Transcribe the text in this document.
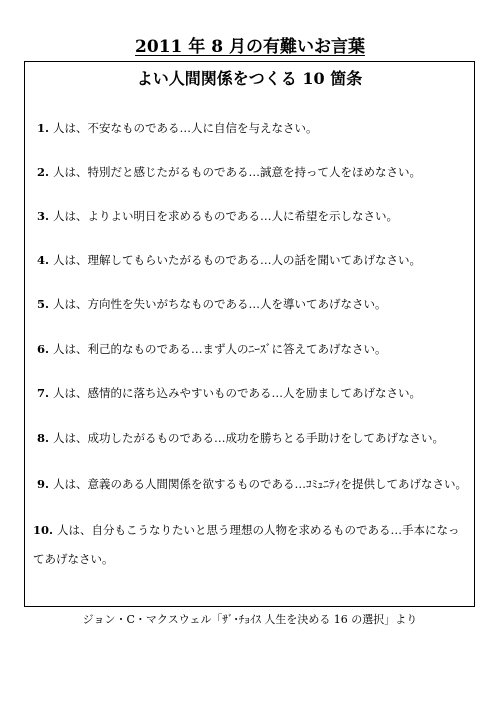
2011 年 8 月の有難いお言葉
よい人間関係をつくる 10 箇条
1. 人は、不安なものである…人に自信を与えなさい。
2. 人は、特別だと感じたがるものである…誠意を持って人をほめなさい。
3. 人は、よりよい明日を求めるものである…人に希望を示しなさい。
4. 人は、理解してもらいたがるものである…人の話を聞いてあげなさい。
5. 人は、方向性を失いがちなものである…人を導いてあげなさい。
6. 人は、利己的なものである…まず人のﾆｰｽﾞに答えてあげなさい。
7. 人は、感情的に落ち込みやすいものである…人を励ましてあげなさい。
8. 人は、成功したがるものである…成功を勝ちとる手助けをしてあげなさい。
9. 人は、意義のある人間関係を欲するものである…ｺﾐｭﾆﾃｨを提供してあげなさい。
10. 人は、自分もこうなりたいと思う理想の人物を求めるものである…手本になってあげなさい。
ジョン・C・マクスウェル「ｻﾞ･ﾁｮｲｽ 人生を決める 16 の選択」より
